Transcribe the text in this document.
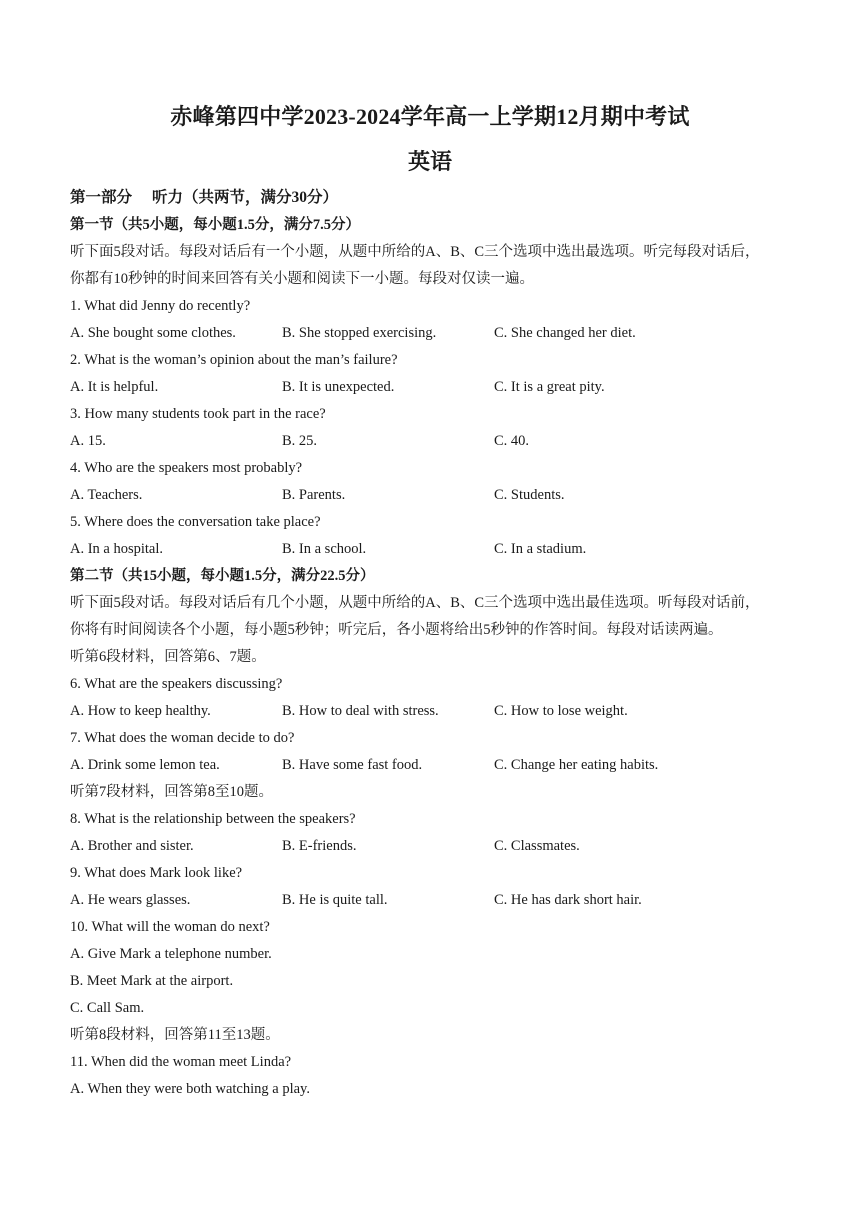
赤峰第四中学2023-2024学年高一上学期12月期中考试
英语
第一部分 听力（共两节，满分30分）
第一节（共5小题，每小题1.5分，满分7.5分）
听下面5段对话。每段对话后有一个小题，从题中所给的A、B、C三个选项中选出最选项。听完每段对话后，
你都有10秒钟的时间来回答有关小题和阅读下一小题。每段对仅读一遍。
1. What did Jenny do recently?
A. She bought some clothes.	B. She stopped exercising.	C. She changed her diet.
2. What is the woman’s opinion about the man’s failure?
A. It is helpful.	B. It is unexpected.	C. It is a great pity.
3. How many students took part in the race?
A. 15.	B. 25.	C. 40.
4. Who are the speakers most probably?
A. Teachers.	B. Parents.	C. Students.
5. Where does the conversation take place?
A. In a hospital.	B. In a school.	C. In a stadium.
第二节（共15小题，每小题1.5分，满分22.5分）
听下面5段对话。每段对话后有几个小题，从题中所给的A、B、C三个选项中选出最佳选项。听每段对话前，
你将有时间阅读各个小题，每小题5秒钟；听完后，各小题将给出5秒钟的作答时间。每段对话读两遍。
听第6段材料，回答第6、7题。
6. What are the speakers discussing?
A. How to keep healthy.	B. How to deal with stress.	C. How to lose weight.
7. What does the woman decide to do?
A. Drink some lemon tea.	B. Have some fast food.	C. Change her eating habits.
听第7段材料，回答第8至10题。
8. What is the relationship between the speakers?
A. Brother and sister.	B. E-friends.	C. Classmates.
9. What does Mark look like?
A. He wears glasses.	B. He is quite tall.	C. He has dark short hair.
10. What will the woman do next?
A. Give Mark a telephone number.
B. Meet Mark at the airport.
C. Call Sam.
听第8段材料，回答第11至13题。
11. When did the woman meet Linda?
A. When they were both watching a play.
